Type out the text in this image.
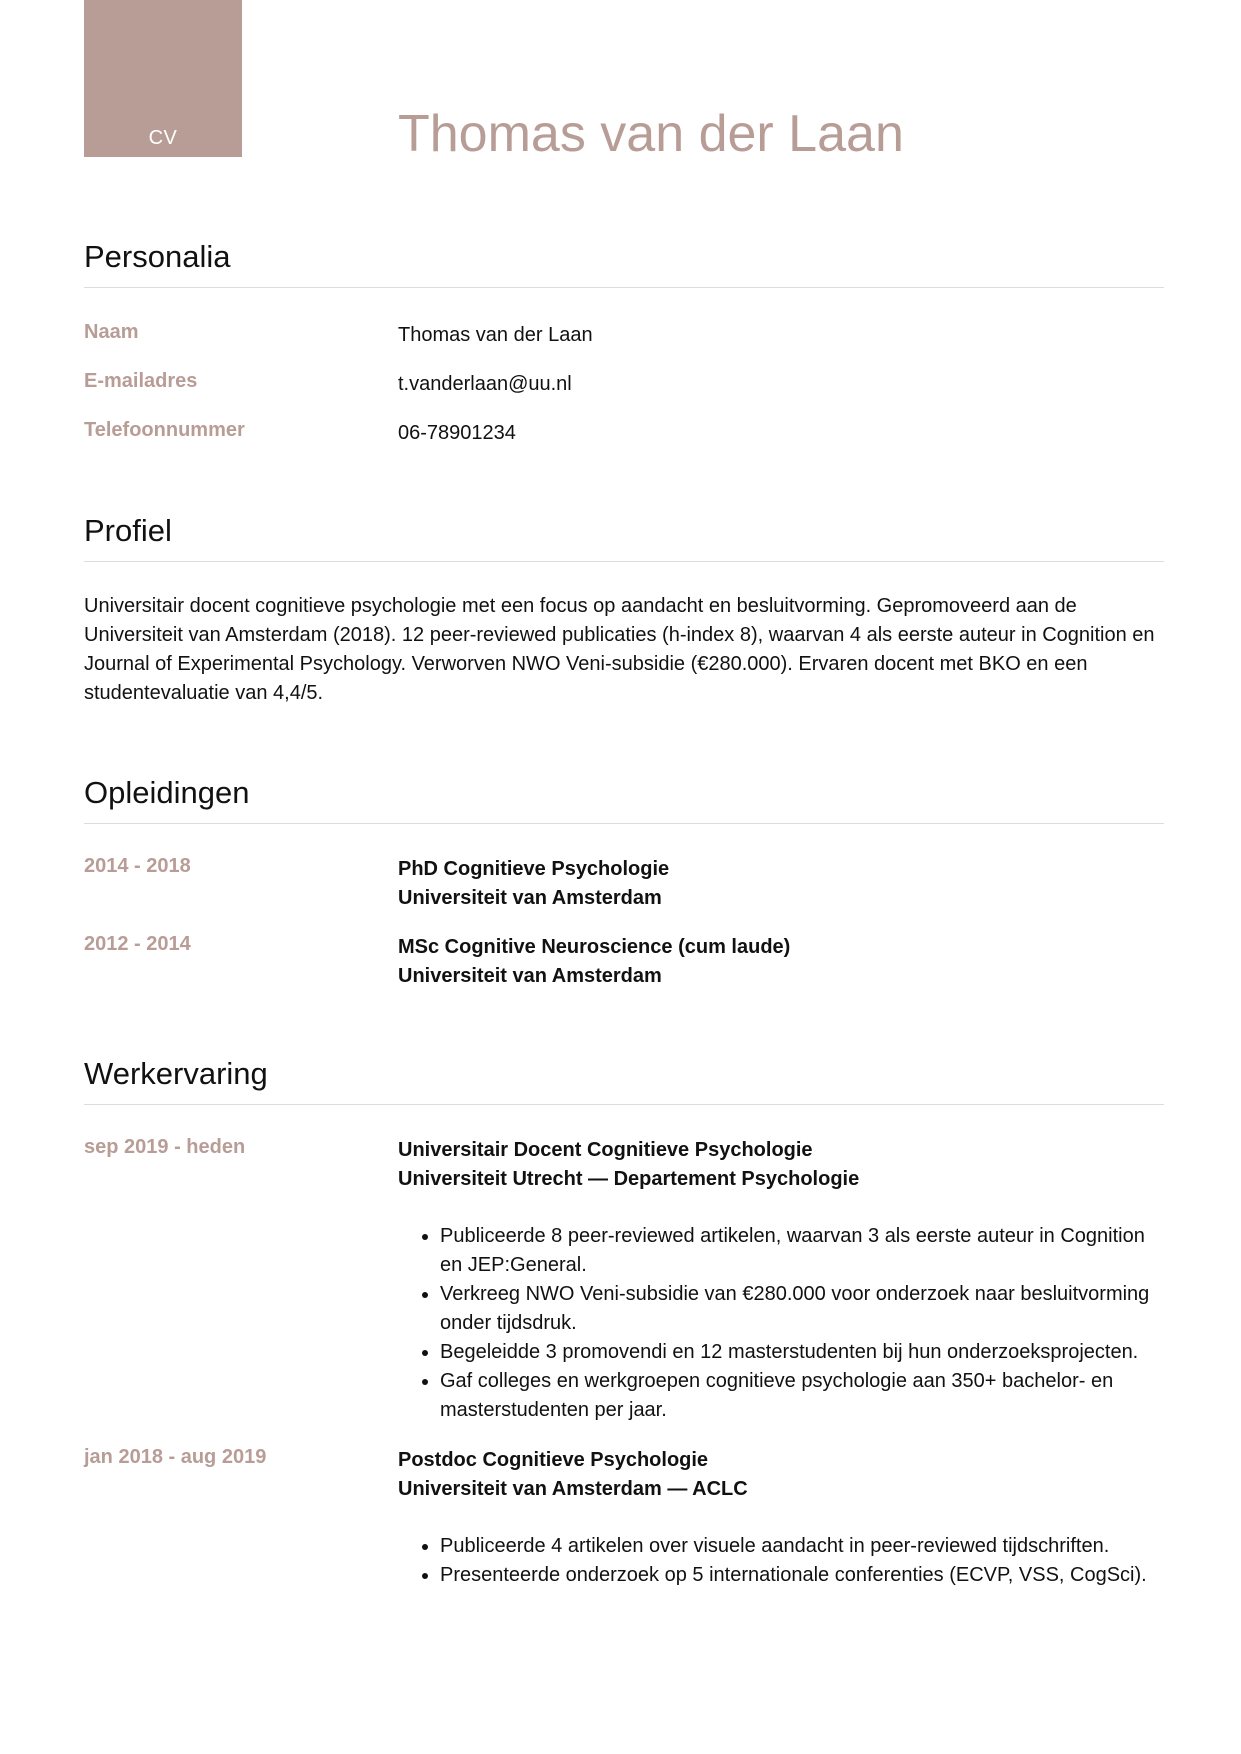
CV	Thomas van der Laan
Personalia
Naam	Thomas van der Laan
E-mailadres	t.vanderlaan@uu.nl
Telefoonnummer	06-78901234
Profiel

Universitair docent cognitieve psychologie met een focus op aandacht en besluitvorming. Gepromoveerd aan de Universiteit van Amsterdam (2018). 12 peer-reviewed publicaties (h-index 8), waarvan 4 als eerste auteur in Cognition en Journal of Experimental Psychology. Verworven NWO Veni-subsidie (€280.000). Ervaren docent met BKO en een studentevaluatie van 4,4/5.

Opleidingen
2014 - 2018	PhD Cognitieve Psychologie
Universiteit van Amsterdam
2012 - 2014	MSc Cognitive Neuroscience (cum laude)
Universiteit van Amsterdam
Werkervaring
sep 2019 - heden	Universitair Docent Cognitieve Psychologie
Universiteit Utrecht — Departement Psychologie
• Publiceerde 8 peer-reviewed artikelen, waarvan 3 als eerste auteur in Cognition en JEP:General.
• Verkreeg NWO Veni-subsidie van €280.000 voor onderzoek naar besluitvorming onder tijdsdruk.
• Begeleidde 3 promovendi en 12 masterstudenten bij hun onderzoeksprojecten.
• Gaf colleges en werkgroepen cognitieve psychologie aan 350+ bachelor- en masterstudenten per jaar.
jan 2018 - aug 2019	Postdoc Cognitieve Psychologie
Universiteit van Amsterdam — ACLC
• Publiceerde 4 artikelen over visuele aandacht in peer-reviewed tijdschriften.
• Presenteerde onderzoek op 5 internationale conferenties (ECVP, VSS, CogSci).
